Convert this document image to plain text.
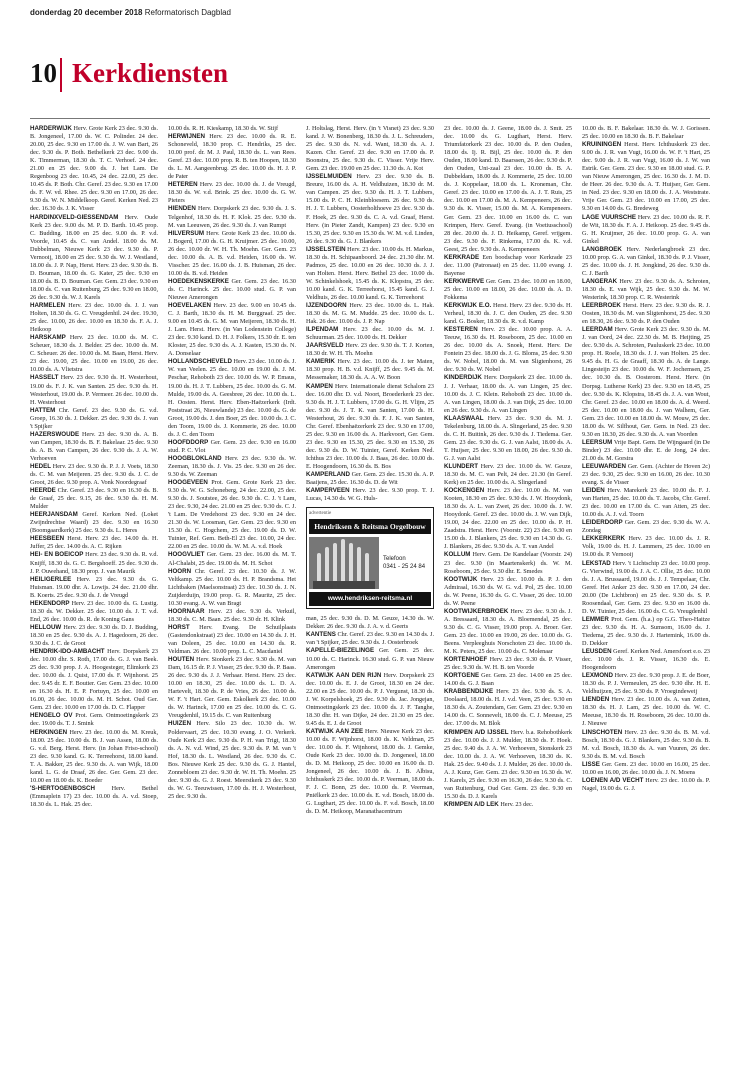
donderdag 20 december 2018 Reformatorisch Dagblad
10 Kerkdiensten

HARDERWIJK Herv. Grote Kerk 23 dec. 9.30 ds. B. Jongeneel, 17.00 ds. W. C. Polinder. 24 dec. 20.00, 25 dec. 9.30 en 17.00 ds. J. W. van Bart, 26 dec. 9.30 ds. P. Both. Bethelkerk 23 dec. 9.00 ds. K. Timmerman, 18.30 ds. T. C. Verhoef. 24 dec. 21.00 en 25 dec. 9.00 ds. J. het Lam. De Regenboog 23 dec. 10.45, 24 dec. 22.00, 25 dec. 10.45 ds. P. Both. Chr. Geref. 23 dec. 9.30 en 17.00 ds. F. W. vd. Rhee. 25 dec. 9.30 en 17.00, 26 dec. 9.30 ds. W. N. Middelkoop. Geref. Kerken Ned. 23 dec. 16.30 ds. J. K. Visser

HARDINXVELD-GIESSENDAM Herv. Oude Kerk 23 dec. 9.00 ds. M. P. D. Barth. 10.45 prop. C. Budding. 18.00 en 25 dec. 9.00 ds. P. v.d. Voorde, 10.45 ds. C. van Andel. 18.00 ds. M. Dubbelman, Nieuwe Kerk 23 dec. 9.30 ds. P. Vernooij, 18.00 en 25 dec. 9.30 ds. W. J. Westland, 18.00 ds. J. P. Nap, Herst. Herv. 23 dec. 9.30 ds. B. D. Bouman, 18.00 ds. G. Kater, 25 dec. 9.30 en 18.00 ds. B. D. Bouman. Ger. Gem. 23 dec. 9.30 en 18.00 ds. C. van Ruitenburg, 25 dec. 9.30 en 18.00, 26 dec. 9.30 ds. W. J. Karels

HARMELEN Herv. 23 dec. 10.00 ds. J. J. van Holten, 18.30 ds. G. C. Vreugdenhil. 24 dec. 19.30, 25 dec. 10.00, 26 dec. 10.00 en 18.30 ds. F. A. J. Heikoop

HARSKAMP Herv. 23 dec. 10.00 ds. M. C. Scheuer, 18.30 ds. J. Belder. 25 dec. 10.00 ds. M. C. Scheuer. 26 dec. 10.00 ds. M. Baan, Herst. Herv. 23 dec. 19.00, 25 dec. 10.00 en 19.00, 26 dec. 10.00 ds. A. Vlietstra

HASSELT Herv. 23 dec. 9.30 ds. H. Westerhout, 19.00 ds. F. J. K. van Santen. 25 dec. 9.30 ds. H. Westerhout, 19.00 ds. P. Vermeer. 26 dec. 10.00 ds. H. Westerhout

HATTEM Chr. Geref. 23 dec. 9.30 ds. G. v.d. Groep, 16.30 ds. J. Dekker. 25 dec. 9.30 ds. J. van 't Spijker

HAZERSWOUDE Herv. 23 dec. 9.30 ds. A. B. van Campen, 18.30 ds. B. F. Bakelaar. 25 dec. 9.30 ds. A. B. van Campen, 26 dec. 9.30 ds. J. A. W. Verhoeven

HEDEL Herv. 23 dec. 9.30 ds. P. J. J. Voets, 18.30 ds. C. M. van Meijeren. 25 dec. 9.30 ds. J. C. de Groot, 26 dec. 9.30 prop. A. Vonk Noordegraaf

HEERDE Chr. Geref. 23 dec. 9.30 en 16.30 ds. B. de Graaf, 25 dec. 9.15, 26 dec. 9.30 ds. H. M. Mulder

HEERJANSDAM Geref. Kerken Ned. (Loket Zwijndrechtse Waard) 23 dec. 9.30 en 16.30 (Boomgaardkerk) 25 dec. 9.30 ds. L. Heres

HEESBEEN Herst. Herv. 23 dec. 14.00 ds. H. Juffer, 25 dec. 14.00 ds. A. C. Rijken

HEI- EN BOEICOP Herv. 23 dec. 9.30 ds. R. v.d. Knijff, 18.30 ds. G. C. Bergshoeff. 25 dec. 9.30 ds. J. P. Ouwehand, 18.30 prop. J. van Maurik

HEILIGERLEE Herv. 23 dec. 9.30 ds. G. Huisman. 19.00 dhr. A. Lowijs. 24 dec. 21.00 dhr. B. Koerts. 25 dec. 9.30 ds. J. de Vreugd

HEKENDORP Herv. 23 dec. 10.00 ds. G. Lustig. 18.30 ds. W. Dekker. 25 dec. 10.00 ds. J. T. v.d. End, 26 dec. 10.00 ds. R. de Koning Gans

HELLOUW Herv. 23 dec. 9.30 ds. D. J. Budding, 18.30 en 25 dec. 9.30 ds. A. J. Hagedoorn, 26 dec. 9.30 ds. J. C. de Groot

HENDRIK-IDO-AMBACHT Herv. Dorpskerk 23 dec. 10.00 dhr. S. Roth, 17.00 ds. G. J. van Beek. 25 dec. 9.30 prop. J. A. Hoogesteger, Elimkerk 23 dec. 10.00 ds. J. Quist, 17.00 ds. F. Wijnhorst. 25 dec. 9.45 dr. E. F. Boutier. Ger. Gem. 23 dec. 10.00 en 16.30 ds. H. E. P. Fortuyn, 25 dec. 10.00 en 16.00, 26 dec. 10.00 ds. M. H. Schot. Oud Ger. Gem. 23 dec. 10.00 en 17.00 ds. D. C. Flapper

HENGELO OV Prot. Gem. Ontmoetingskerk 23 dec. 19.00 ds. T. J. Smink

HERKINGEN Herv. 23 dec. 10.00 ds. M. Kreuk, 18.00. 25 dec. 10.00 ds. B. J. van Assen, 18.00 ds. G. v.d. Berg. Herst. Herv. (in Johan Friso-school) 23 dec. 9.30 kand. G. K. Terreehorst, 18.00 kand. T. A. Bakker, 25 dec. 9.30 ds. A. van Wijk, 18.00 kand. L. G. de Draaf, 26 dec. Ger. Gem. 23 dec. 10.00 en 18.00 ds. K. Boeder

'S-HERTOGENBOSCH	Herv. Bethel (Emmaplein 17) 23 dec. 10.00 ds. A. v.d. Stoep, 18.30 ds. L. Hak. 25 dec.

10.00 ds. R. H. Kieskamp, 18.30 ds. W. Stijf

HERWIJNEN Herv. 23 dec. 10.00 ds. R. E. Schoneveld, 18.30 prop. C. Hendriks, 25 dec. 10.00 prof. dr. M. J. Paul, 18.30 ds. L. van Rees. Geref. 23 dec. 10.00 prop. R. B. ten Hoopen, 18.30 ds. L. M. Aangeenbrug. 25 dec. 10.00 ds. H. J. P. de Pater

HETEREN Herv. 23 dec. 10.00 ds. J. de Vreugd, 18.30 ds. W. v.d. Brink. 25 dec. 10.00 ds. G. W. Pieters

HIENDEN Herv. Dorpskerk 23 dec. 9.30 ds. J. S. Telgenhof, 18.30 ds. H. F. Klok. 25 dec. 9.30 ds. M. van Leeuwen, 26 dec. 9.30 ds. J. van Rumpt

HILVERSUM Herv. Grote Kerk 23 dec. 10.00 ds. J. Bogerd, 17.00 ds. G. H. Kruijmer. 25 dec. 10.00, 26 dec. 10.00 dr. W. H. Th. Moehn. Ger. Gem. 23 dec. 10.00 ds. A. B. v.d. Heiden, 16.00 ds. W. Visscher. 25 dec. 16.00 ds. J. B. Huisman, 26 dec. 10.00 ds. B. v.d. Heiden

HOEDEKENSKERKE Ger. Gem. 23 dec. 16.30 ds. C. Harinck. 25 dec. 10.00 stud. G. P. van Nieuwe Amerongen

HOEVELAKEN Herv. 23 dec. 9.00 en 10.45 ds. C. J. Barth, 18.30 ds. H. M. Burggraaf. 25 dec. 9.00 en 10.45 ds. G. M. van Meijeren, 18.30 ds. H. J. Lam. Herst. Herv. (in Van Lodenstein College) 23 dec. 9.30 kand. D. H. J. Folkers, 15.30 dr. E. ten Kloster, 25 dec. 9.30 ds. A. J. Kasten, 15.30 ds. N. A. Donselaar

HOLLANDSCHEVELD Herv. 23 dec. 10.00 ds. J. W. van Veelen. 25 dec. 10.00 en 19.00 ds. J. M. Peschar, Rehoboth 23 dec. 10.00 ds. W. P. Emaus, 19.00 ds. H. J. T. Lubbers, 25 dec. 10.00 ds. G. M. Mulde, 19.00 ds. A. Geesbree, 26 dec. 10.00 ds. L. H. Oosten. Herst. Herv. Eben-Haëzerkerk (Irdt. Poststraat 26, Nieuwlande) 23 dec. 10.00 ds. G. de Groot, 19.00 ds. J. den Boer, 25 dec. 10.00 ds. J. C. den Toom, 19.00 ds. J. Kommerie, 26 dec. 10.00 ds. J. C. den Toom

HOOFDDORP Ger. Gem. 23 dec. 9.30 en 16.00 stud. P. C. Vlot

HOOGBLOKLAND Herv. 23 dec. 9.30 ds. W. Zeeman, 18.30 ds. J. Vis. 25 dec. 9.30 en 26 dec. 9.30 ds. W. Zeeman

HOOGEVEEN Prot. Gem. Grote Kerk 23 dec. 9.30 ds. W. G. Schoneberg, 24 dec. 22.00, 25 dec. 9.30 ds. J. Soutstee, 26 dec. 9.30 ds. C. J. 't Lam, 23 dec. 9.30, 24 dec. 21.00 en 25 dec. 9.30 ds. C. J. 't Lam. De Vredehorst 23 dec. 9.30 en 24 dec. 21.30 ds. W. Loosman, Ger. Gem. 23 dec. 9.30 en 15.30 ds. C. Hogchem, 25 dec. 19.00 ds. D. W. Tuinier, Ref. Gem. Beth-El 23 dec. 10.00, 24 dec. 22.00 en 25 dec. 10.00 ds. W. M. A. v.d. Hoek

HOOGVLIET Ger. Gem. 23 dec. 16.00 ds. M. T. Al-Chalabi, 25 dec. 19.00 ds. M. H. Schot

HOORN Chr. Geref. 23 dec. 10.30 ds. J. W. Veltkamp. 25 dec. 10.00 ds. H. P. Brandsma. Het Lichtbaken (Maelsonstraat) 23 dec. 10.30 ds. J. N. Zuijderduijn, 19.00 prop. G. R. Mauritz, 25 dec. 10.30 evang. A. W. van Bragt

HOORNAAR Herv. 23 dec. 9.30 ds. Verkuil, 18.30 ds. C. M. Baan. 25 dec. 9.30 dr. H. Klink

HORST Herv. Evang. De Schuilplaats (Gastendonkstraat) 23 dec. 10.00 en 14.30 ds. J. H. van Doleen, 25 dec. 10.00 en 14.30 ds. R. Veldman. 26 dec. 10.00 prop. L. C. Macdaniel

HOUTEN Herv. Sionkerk 23 dec. 9.30 ds. M. van Dam, 16.15 dr. P. J. Visser, 25 dec. 9.30 ds. P. Baas. 26 dec. 9.30 ds. J. J. Verhaar. Herst. Herv. 23 dec. 10.00 en 18.30, 25 dec. 10.00 ds. L. D. A. Hartevelt, 18.30 ds. P. de Vries, 26 dec. 10.00 ds. W. F. 't Hart. Ger. Gem. Eskolkerk 23 dec. 10.00 ds. W. Harinck, 17.00 en 25 dec. 10.00 ds. C. G. Vreugdenhil, 19.15 ds. C. van Ruitenburg

HUIZEN Herv. Silo 23 dec. 10.30 ds. W. Poldervaart, 25 dec. 10.30 evang. J. O. Verkerk. Oude Kerk 23 dec. 9.30 ds. P. H. van Trigt, 18.30 ds. A. N. v.d. Wind, 25 dec. 9.30 ds. P. M. van 't Hof, 18.30 ds. L. Westland, 26 dec. 9.30 ds. C. Bos. Nieuwe Kerk 25 dec. 9.30 ds. G. J. Hantel, Zonnebloem 23 dec. 9.30 dr. W. H. Th. Moehn. 25 dec. 9.30 ds. G. J. Roest. Meerstkerk 23 dec. 9.30 ds. W. G. Teeuwissen, 17.00 ds. H. J. Westerhout, 25 dec. 9.30 ds.

J. Holtslag, Herst. Herv. (in 't Visnet) 23 dec. 9.30 kand. J. W. Bonenberg, 18.30 ds. J. L. Schreuders, 25 dec. 9.30 ds. N. v.d. Want, 18.30 ds. A. J. Kazen. Chr. Geref. 23 dec. 9.30 en 17.00 ds. P. Boonstra, 25 dec. 9.30 ds. C. Visser. Vrije Herv. Gem. 23 dec. 19.00 en 25 dec. 11.30 ds. A. Kot

IJSSELMUIDEN Herv. 23 dec. 9.30 ds. B. Breure, 16.00 ds. A. H. Veldhuizen, 18.30 dr. M. van Campen. 25 dec. 9.30 ds. H. J. T. Lubbers, 15.00 ds. P. C. H. Kleinbloesem. 26 dec. 9.30 ds. H. J. T. Lubbers, Oosterholthoeve 23 dec. 9.30 ds. F. Hoek, 25 dec. 9.30 ds. C. A. v.d. Graaf, Herst. Herv. (in Pieter Zandt, Kampen) 23 dec. 9.30 en 15.30, 25 dec. 9.30 en 15.30 ds. W. M. v.d. Linden, 26 dec. 9.30 ds. G. J. Blankers

IJSSELSTEIN Herv. 23 dec. 10.00 ds. H. Markus, 18.30 ds. H. Schipaanboord. 24 dec. 21.30 dhr. M. Padmos, 25 dec. 10.00 en 26 dec. 10.30 ds. J. J. van Holten. Herst. Herv. Bethel 23 dec. 10.00 ds. W. Schinkelshoek, 15.45 ds. K. Klopstra, 25 dec. 10.00 kand. G. K. Terreehorst, 15.45 kand. G. J. Veldhuis, 26 dec. 10.00 kand. G. K. Terreehorst

IJZENDOORN Herv. 23 dec. 10.00 ds. L. Hak. 18.30 ds. M. G. M. Mudde. 25 dec. 10.00 ds. L. Hak. 26 dec. 10.00 ds. J. P. Nap

ILPENDAM Herv. 23 dec. 10.00 ds. M. J. Schuurman. 25 dec. 10.00 ds. H. Dekker

JAARSVELD Herv. 23 dec. 9.30 ds. T. J. Korten, 18.30 dr. W. H. Th. Moehn

KAMERIK Herv. 23 dec. 10.00 ds. J. ter Maten, 18.30 prop. H. B. v.d. Knijff, 25 dec. 9.45 ds. M. Messemaker, 18.30 ds. A. A. W. Boon

KAMPEN Herv. Internationale dienst Schalom 23 dec. 16.00 dhr. D. v.d. Noort, Broederkerk 23 dec. 9.30 ds. H. J. T. Lubbers, 17.00 ds. G. H. Vlijm, 25 dec. 9.30 ds. J. T. K. van Santen, 17.00 ds. H. Westerhout, 26 dec. 9.30 ds. F. J. K. van Santen, Chr. Geref. Ebenhaëzerkerk 23 dec. 9.30 en 17.00, 25 dec. 9.30 en 16.00 ds. A. Harkvoort, Ger. Gem. 23 dec. 9.30 en 15.30, 25 dec. 9.30 en 15.30, 26 dec. 9.30 ds. D. W. Tuinier, Geref. Kerken Ned. Ichthus 23 dec. 10.00 ds. J. Baas, 26 dec. 10.00 ds. E. Hoogendoorn, 16.30 ds. B. Bos

KAMPERLAND Ger. Gem. 23 dec. 15.30 ds. A. P. Baaijens, 25 dec. 16.30 ds. D. de Wit

KAMPERVEEN Herv. 23 dec. 9.30 prop. T. J. Lucas, 14.30 ds. W. G. Huls-

advertentie
Hendriksen & Reitsma Orgelbouw
Telefoon
0341 - 25 24 84
www.hendriksen-reitsma.nl

man, 25 dec. 9.30 ds. D. M. Geuze, 14.30 ds. W. Dekker. 26 dec. 9.30 ds. J. A. v. d. Geerts

KANTENS Chr. Geref. 23 dec. 9.30 en 14.30 ds. J. van 't Spijker, 25 dec. 9.30 ds. J. Oosterbroek

KAPELLE-BIEZELINGE Ger. Gem. 25 dec. 10.00 ds. C. Harinck. 16.30 stud. G. P. van Nieuw Amerongen

KATWIJK AAN DEN RIJN Herv. Dorpskerk 23 dec. 10.00 ds. E. J. de Groot, 18.30 en 24 dec. 22.00 en 25 dec. 10.00 ds. P. J. Vergunst, 18.30 ds. J. W. Korpelshoek, 25 dec. 9.30 ds. Jac. Jongejan, Ontmoetingskerk 23 dec. 10.00 ds. J. F. Tanghe, 18.30 dhr. H. van Dijke, 24 dec. 21.30 en 25 dec. 9.45 ds. E. J. de Groot

KATWIJK AAN ZEE Herv. Nieuwe Kerk 23 dec. 10.00 ds. F. Wijnhorst, 18.00 ds. K. Veldman, 25 dec. 10.00 ds. F. Wijnhorst, 18.00 ds. J. Gemke, Oude Kerk 23 dec. 10.00 ds. D. Jongeneel, 18.00 ds. D. M. Heikoop, 25 dec. 10.00 en 16.00 ds. D. Jongeneel, 26 dec. 10.00 ds. J. B. Albisu, Ichthuskerk 23 dec. 10.00 ds. P. Veerman, 18.00 ds. F. J. C. Bonn, 25 dec. 10.00 ds. P. Veerman, Pniëlkerk 23 dec. 10.00 ds. E. v.d. Bosch, 18.00 ds. G. Lugthart, 25 dec. 10.00 ds. F. v.d. Bosch, 18.00 ds. D. M. Heikoop, Maranathacentrum

23 dec. 10.00 ds. J. Geene, 18.00 ds. J. Smit. 25 dec. 10.00 ds. G. Lugthart, Herst. Herv. Triumfatorkerk 23 dec. 10.00 ds. P. den Ouden, 18.00 ds. Ij. R. Bijl, 25 dec. 10.00 ds. P. den Ouden, 18.00 kand. D. Baarssen, 26 dec. 9.30 ds. P. den Ouden, Uni-zaal 23 dec. 10.00 ds. B. A. Dubbeldam, 18.00 ds. J. Kommerie, 25 dec. 10.00 ds. J. Koppelaar, 18.00 ds. L. Kroneman, Chr. Geref. 23 dec. 10.00 en 17.00 ds. A. J. T. Ruis, 25 dec. 10.00 en 17.00 ds. M. A. Kempeneers, 26 dec. 9.30 ds. K. Visser, 15.00 ds. M. A. Kempeneers. Ger. Gem. 23 dec. 10.00 en 16.00 ds. C. van Krimpen, Herv. Geref. Evang. (in Voetiusschool) 28 dec. 20.00 ds. J. D. Heikamp, Geref. vrijgem. 23 dec. 9.30 ds. F. Rinkema, 17.00 ds. K. v.d. Geest, 25 dec. 9.30 ds. A. Kempeneers

KERKRADE Een boodschap voor Kerkrade 23 dec. 11.00 (Patronaat) en 25 dec. 11.00 evang. J. Bayense

KERKWERVE Ger. Gem. 23 dec. 10.00 en 18.00, 25 dec. 10.00 en 18.00, 26 dec. 10.00 ds. A. D. Fokkema

KERKWIJK E.O. Herst. Herv. 23 dec. 9.30 ds. H. Verheul, 18.30 ds. J. C. den Ouden, 25 dec. 9.30 kand. G. Bosker, 18.30 ds. R. v.d. Kamp

KESTEREN Herv. 23 dec. 10.00 prop. A. A. Teeuw, 16.30 ds. H. Roseboom, 25 dec. 10.00 en 26 dec. 10.00 ds. A. Snoek, Herst. Herv. De Fontein 23 dec. 18.00 ds. J. G. Bloms, 25 dec. 9.30 ds. W. Nobel, 18.00 ds. M. van Sligtenhorst, 26 dec. 9.30 ds. W. Nobel

KINDERDIJK Herv. Dorpskerk 23 dec. 10.00 ds. J. J. Verhaar, 18.00 ds. A. van Lingen, 25 dec. 10.00 ds. J. C. Klein. Rehoboth 23 dec. 10.00 ds. A. van Lingen, 18.00 ds. J. van Dijk, 25 dec. 10.00 en 26 dec. 9.30 ds. A. van Lingen

KLAASWAAL Herv. 23 dec. 9.30 ds. M. J. Tekelenburg, 18.00 ds. A. Slingerland, 25 dec. 9.30 ds. C. H. Buitink, 26 dec. 9.30 ds. J. Tiedema. Ger. Gem. 23 dec. 9.30 ds. G. J. van Aalst, 18.00 ds. A. T. Huijser, 25 dec. 9.30 en 18.00, 26 dec. 9.30 ds. G. J. van Aalst

KLUNDERT Herv. 23 dec. 10.00 ds. W. Geuze, 18.30 ds. M. C. van Pelt, 24 dec. 21.30 (in Geref. Kerk) en 25 dec. 10.00 ds. A. Slingerland

KOCKENGEN Herv. 23 dec. 10.00 ds. M. van Kooten, 18.30 en 25 dec. 9.30 ds. J. W. Hooydonk, 18.30 ds. A. L. van Zwet, 26 dec. 10.00 ds. J. W. Hooydonk. Geref. 23 dec. 10.00 ds. J. W. van Dijk, 19.00, 24 dec. 22.00 en 25 dec. 10.00 ds. P. H. Zaadstra. Herst. Herv. (Voorstr. 22) 23 dec. 9.30 en 15.00 ds. J. Blankers, 25 dec. 9.30 en 14.30 ds. G. J. Blankers, 26 dec. 9.30 ds. A. T. van Andel

KOLLUM Herv. Gem. De Kandelaar (Voorstr. 24) 23 dec. 9.30 (in Maartenskerk) ds. W. M. Roseboom, 25 dec. 9.30 dhr. E. Smedes

KOOTWIJK Herv. 23 dec. 10.00 ds. P. J. den Admiraal, 16.30 ds. W. G. v.d. Pol, 25 dec. 10.00 ds. W. Peene, 16.30 ds. G. C. Visser, 26 dec. 10.00 ds. W. Peene

KOOTWIJKERBROEK Herv. 23 dec. 9.30 ds. J. A. Bressaard, 18.30 ds. A. Bloemendal, 25 dec. 9.30 ds. C. G. Visser, 19.00 prop. A. Broer. Ger. Gem. 23 dec. 10.00 en 19.00, 26 dec. 10.00 ds. G. Beens. Verpleeghuis Norschoten 23 dec. 10.00 ds. M. K. Peters, 25 dec. 10.00 ds. C. Molenaar

KORTENHOEF Herv. 23 dec. 9.30 ds. P. Visser, 25 dec. 9.30 ds. W. H. B. ten Voorde

KORTGENE Ger. Gem. 23 dec. 14.00 en 25 dec. 14.00 ds. G. J. Baan

KRABBENDIJKE Herv. 23 dec. 9.30 ds. S. A. Doolaard, 18.00 ds. H. J. v.d. Veen, 25 dec. 9.30 en 18.30 ds. A. Zoutendam, Ger. Gem. 23 dec. 9.30 en 14.00 ds. C. Sonnevelt, 18.00 ds. C. J. Meeuse, 25 dec. 17.00 ds. M. Blok

KRIMPEN A/D IJSSEL Herv. b.a. Rehobothkerk 23 dec. 10.00 ds. J. J. Mulder, 18.30 ds. F. Hoek. 25 dec. 9.40 ds. J. A. W. Verhoeven, Sionskerk 23 dec. 10.00 ds. J. A. W. Verhoeven, 18.30 ds. K. Hak. 25 dec. 9.40 ds. J. J. Mulder, 26 dec. 10.00 ds. A. J. Kunz, Ger. Gem. 23 dec. 9.30 en 16.30 ds. W. J. Karels, 25 dec. 9.30 en 16.30, 26 dec. 9.30 ds. C. van Ruitenburg, Oud Ger. Gem. 23 dec. 9.30 en 15.30 ds. D. J. Karels

KRIMPEN A/D LEK Herv. 23 dec.

10.00 ds. B. F. Bakelaar. 18.30 ds. W. J. Gorissen. 25 dec. 10.00 en 18.30 ds. B. F. Bakelaar

KRUININGEN Herst. Herv. Ichthuskerk 23 dec. 9.00 ds. J. R. van Vugt, 16.00 ds. W. F. 't Hart, 25 dec. 9.00 ds. J. R. van Vugt, 16.00 ds. J. W. van Estrik. Ger. Gem. 23 dec. 9.30 en 18.00 stud. G. P. van Nieuw Amerongen, 25 dec. 16.30 ds. J. M. D. de Heer. 26 dec. 9.30 ds. A. T. Huijser, Ger. Gem. in Ned. 23 dec. 9.30 en 18.00 ds. J. A. Weststrate. Vrije Ger. Gem. 23 dec. 10.00 en 17.00, 25 dec. 9.30 en 14.00 ds. G. Bredeweg

LAGE VUURSCHE Herv. 23 dec. 10.00 ds. R. F. de Wit, 18.30 ds. F. A. J. Heikoop. 25 dec. 9.45 ds. G. H. Kruijmer, 26 dec. 10.00 prop. G. A. van Ginkel

LANGBROEK Herv. Nederlangbroek 23 dec. 10.00 prop. G. A. van Ginkel, 18.30 ds. P. J. Visser, 25 dec. 10.00 ds. J. H. Jongkind, 26 dec. 9.30 ds. C. J. Barth

LANGERAK Herv. 23 dec. 9.30 ds. A. Schroten, 18.30 ds. E. van Wijk, 25 dec. 9.30 ds. M. W. Westerink, 18.30 prop. C. R. Westerink

LEERBROEK Herst. Herv. 23 dec. 9.30 ds. R. J. Oosten, 18.30 ds. M. van Sligtenhorst, 25 dec. 9.30 en 18.30, 26 dec. 9.30 ds. P. den Ouden

LEERDAM Herv. Grote Kerk 23 dec. 9.30 ds. M. J. van Oord, 24 dec. 22.30 ds. M. B. Heijting, 25 dec. 9.30 ds. A. Schroten, Pauluskerk 23 dec. 10.00 prop. H. Roele, 18.30 ds. J. J. van Holten. 25 dec. 9.45 ds. H. G. de Graaff, 18.30 ds. A. de Lange. Lingesteijn 23 dec. 10.00 ds. W. F. Jochemsen, 25 dec. 10.30 ds. B. Oosterom. Herst. Herv. (in Dorpsg. Lutherse Kerk) 23 dec. 9.30 en 18.45, 25 dec. 9.30 ds. K. Klopstra, 18.45 ds. J. A. van Wout, Chr. Geref. 23 dec. 10.00 en 18.00 ds. A. d. Weerd. 25 dec. 10.00 en 18.00 ds. J. van Walhem, Ger. Gem. 23 dec. 10.00 en 18.00 ds. W. Mouw, 25 dec. 18.00 ds. W. Silfhout, Ger. Gem. in Ned. 23 dec. 9.30 en 18.30, 26 dec. 9.30 ds. A. van Voorden

LEERSUM Vrije Bapt. Gem. De Wijngaard (in De Binder) 23 dec. 10.00 dhr. E. de Jong, 24 dec. 21.00 ds. M. Gorsira

LEEUWARDEN Ger. Gem. (Achter de Hoven 2c) 23 dec. 9.30, 25 dec. 9.30 en 16.00, 26 dec. 10.30 evang. S. de Visser

LEIDEN Herv. Marekerk 23 dec. 10.00 ds. F. J. van Harten, 25 dec. 10.00 ds. T. Jacobs, Chr. Geref. 23 dec. 10.00 en 17.00 ds. C. van Atten, 25 dec. 10.00 ds. A. J. v.d. Toorn

LEIDERDORP Ger. Gem. 23 dec. 9.30 ds. W. A. Zondag

LEKKERKERK Herv. 23 dec. 10.00 ds. J. R. Volk, 19.00 ds. H. J. Lammers, 25 dec. 10.00 en 19.00 ds. P. Vernooij

LEKSTAD Herv. 't Lichtschip 23 dec. 10.00 prop. G. Vierwind, 19.00 ds. J. A. C. Ollie, 25 dec. 10.00 ds. J. A. Brussaard, 19.00 ds. J. J. Tempelaar, Chr. Geref. Het Anker 23 dec. 9.30 en 17.00, 24 dec. 20.00 (De Lichtbron) en 25 dec. 9.30 ds. S. P. Roosendaal, Ger. Gem. 23 dec. 9.30 en 16.00 ds. D. W. Tuinier, 25 dec. 16.00 ds. C. G. Vreugdenhil

LEMMER Prot. Gem. (h.a.) op G.G. Theo-Haitze 23 dec. 9.30 ds. H. A. Sumsom, 16.00 ds. J. Tiedema, 25 dec. 9.30 ds. J. Hartemink, 16.00 ds. D. Dekker

LEUSDEN Geref. Kerken Ned. Amersfoort e.o. 23 dec. 10.00 ds. J. R. Visser, 16.30 ds. E. Hoogendoorn

LEXMOND Herv. 23 dec. 9.30 prop. J. E. de Boer, 18.30 ds. P. J. Vermeulen, 25 dec. 9.30 dhr. H. E. Veldhuijzen, 25 dec. 9.30 ds. P. Vroegindeweij

LIENDEN Herv. 23 dec. 10.00 ds. A. van Zetten, 18.30 ds. H. J. Lam, 25 dec. 10.00 ds. W. C. Meeuse, 18.30 ds. H. Roseboom, 26 dec. 10.00 ds. J. Nieuwe

LINSCHOTEN Herv. 23 dec. 9.30 ds. B. M. v.d. Bosch, 18.30 ds. G. J. Blankers, 25 dec. 9.30 ds. B. M. v.d. Bosch, 18.30 ds. A. van Vuuren, 26 dec. 9.30 ds. B. M. v.d. Bosch

LISSE Ger. Gem. 23 dec. 10.00 en 16.00, 25 dec. 10.00 en 16.00, 26 dec. 10.00 ds. J. N. Moens

LOENEN A/D VECHT Herv. 23 dec. 10.00 ds. P. Nagel, 19.00 ds. G. J.
